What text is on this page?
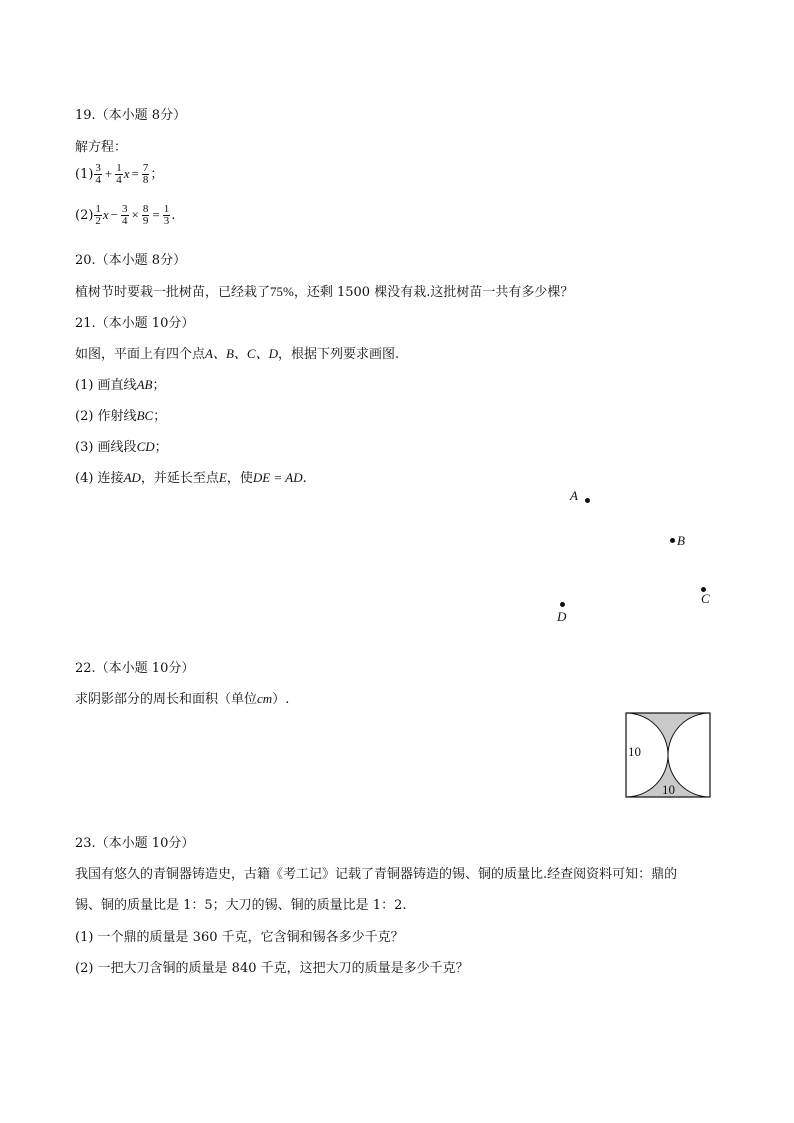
19.（本小题 8分）
解方程：
$(1) \frac{3}{4} + \frac{1}{4}$ $x = \frac{7}{8}$ ；
$(2) \frac{1}{2}$ $x - \frac{3}{4} \times \frac{8}{9} = \frac{1}{3}$ .
20.（本小题 8分）
植树节时要栽一批树苗，已经栽了75%，还剩 1500 棵没有栽.这批树苗一共有多少棵？
21.（本小题 10分）
如图，平面上有四个点A、B、C、D，根据下列要求画图.
(1) 画直线AB；
(2) 作射线BC；
(3) 画线段CD；
(4) 连接AD，并延长至点E，使DE = AD.
A
B
C
D
22.（本小题 10分）
求阴影部分的周长和面积（单位cm）.
10
10
23.（本小题 10分）
我国有悠久的青铜器铸造史，古籍《考工记》记载了青铜器铸造的锡、铜的质量比.经查阅资料可知：鼎的
锡、铜的质量比是 1：5；大刀的锡、铜的质量比是 1：2.
(1) 一个鼎的质量是 360 千克，它含铜和锡各多少千克？
(2) 一把大刀含铜的质量是 840 千克，这把大刀的质量是多少千克？
